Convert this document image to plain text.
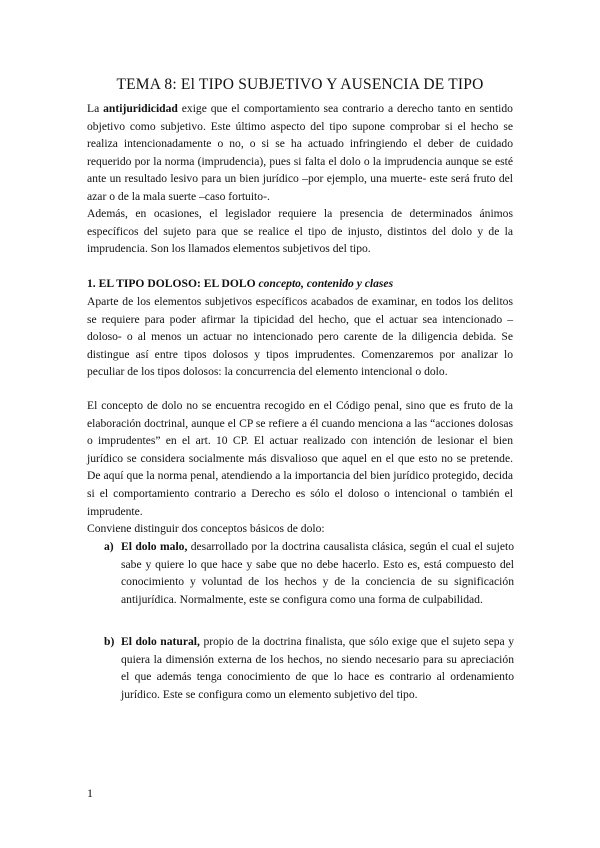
TEMA 8: El TIPO SUBJETIVO Y AUSENCIA DE TIPO

La antijuridicidad exige que el comportamiento sea contrario a derecho tanto en sentido objetivo como subjetivo. Este último aspecto del tipo supone comprobar si el hecho se realiza intencionadamente o no, o si se ha actuado infringiendo el deber de cuidado requerido por la norma (imprudencia), pues si falta el dolo o la imprudencia aunque se esté ante un resultado lesivo para un bien jurídico –por ejemplo, una muerte- este será fruto del azar o de la mala suerte –caso fortuito-.

Además, en ocasiones, el legislador requiere la presencia de determinados ánimos específicos del sujeto para que se realice el tipo de injusto, distintos del dolo y de la imprudencia. Son los llamados elementos subjetivos del tipo.

1. EL TIPO DOLOSO: EL DOLO concepto, contenido y clases

Aparte de los elementos subjetivos específicos acabados de examinar, en todos los delitos se requiere para poder afirmar la tipicidad del hecho, que el actuar sea intencionado –doloso- o al menos un actuar no intencionado pero carente de la diligencia debida. Se distingue así entre tipos dolosos y tipos imprudentes. Comenzaremos por analizar lo peculiar de los tipos dolosos: la concurrencia del elemento intencional o dolo.

El concepto de dolo no se encuentra recogido en el Código penal, sino que es fruto de la elaboración doctrinal, aunque el CP se refiere a él cuando menciona a las “acciones dolosas o imprudentes” en el art. 10 CP. El actuar realizado con intención de lesionar el bien jurídico se considera socialmente más disvalioso que aquel en el que esto no se pretende. De aquí que la norma penal, atendiendo a la importancia del bien jurídico protegido, decida si el comportamiento contrario a Derecho es sólo el doloso o intencional o también el imprudente.

Conviene distinguir dos conceptos básicos de dolo:

a) El dolo malo, desarrollado por la doctrina causalista clásica, según el cual el sujeto sabe y quiere lo que hace y sabe que no debe hacerlo. Esto es, está compuesto del conocimiento y voluntad de los hechos y de la conciencia de su significación antijurídica. Normalmente, este se configura como una forma de culpabilidad.
b) El dolo natural, propio de la doctrina finalista, que sólo exige que el sujeto sepa y quiera la dimensión externa de los hechos, no siendo necesario para su apreciación el que además tenga conocimiento de que lo hace es contrario al ordenamiento jurídico. Este se configura como un elemento subjetivo del tipo.
1
